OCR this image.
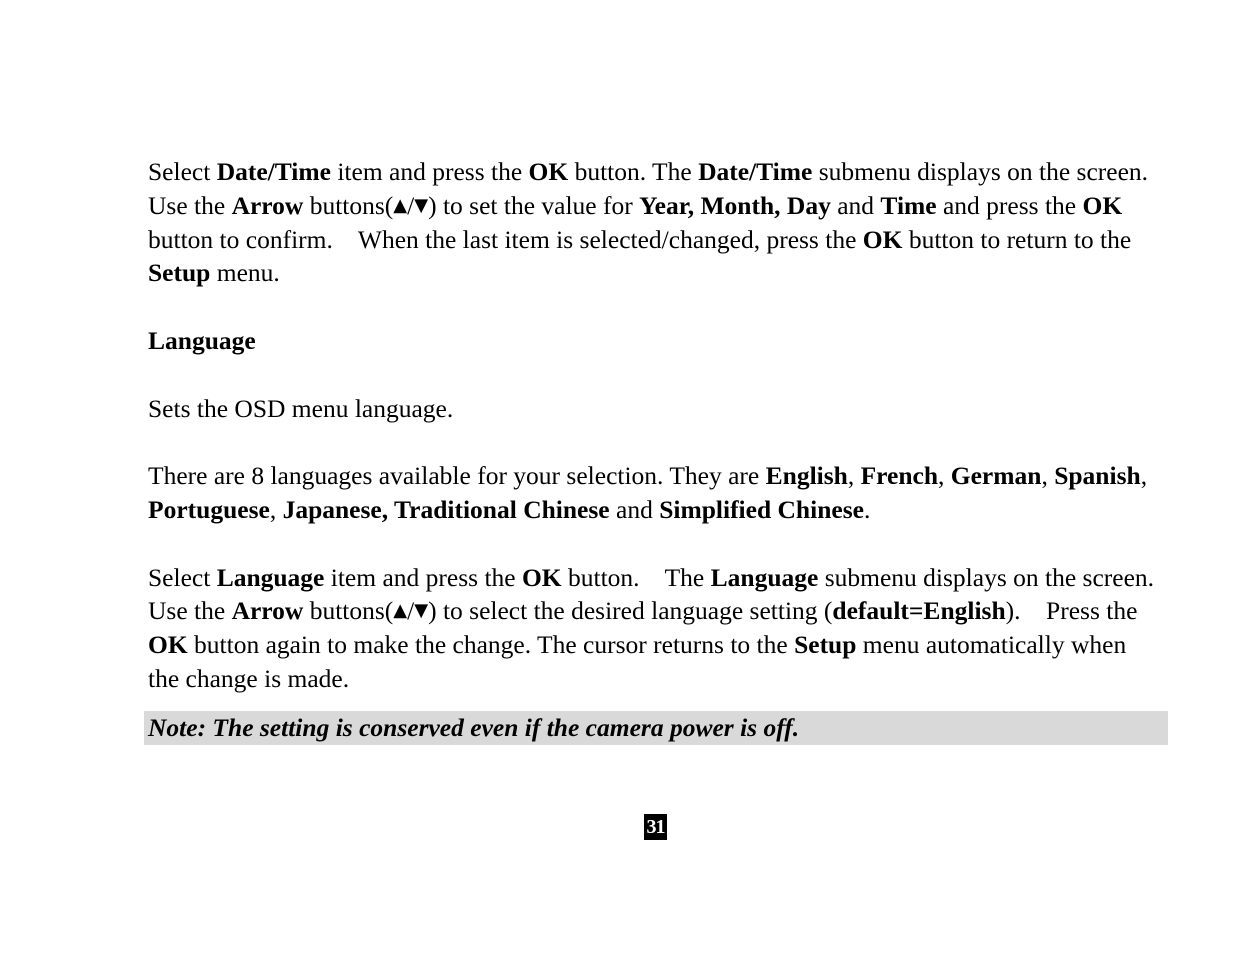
Select Date/Time item and press the OK button. The Date/Time submenu displays on the screen.    Use the Arrow buttons(▲/▼) to set the value for Year, Month, Day and Time and press the OK button to confirm.    When the last item is selected/changed, press the OK button to return to the Setup menu.

Language

Sets the OSD menu language.

There are 8 languages available for your selection. They are English, French, German, Spanish, Portuguese, Japanese, Traditional Chinese and Simplified Chinese.

Select Language item and press the OK button.    The Language submenu displays on the screen.    Use the Arrow buttons(▲/▼) to select the desired language setting (default=English).    Press the OK button again to make the change. The cursor returns to the Setup menu automatically when the change is made.

Note: The setting is conserved even if the camera power is off.
31
